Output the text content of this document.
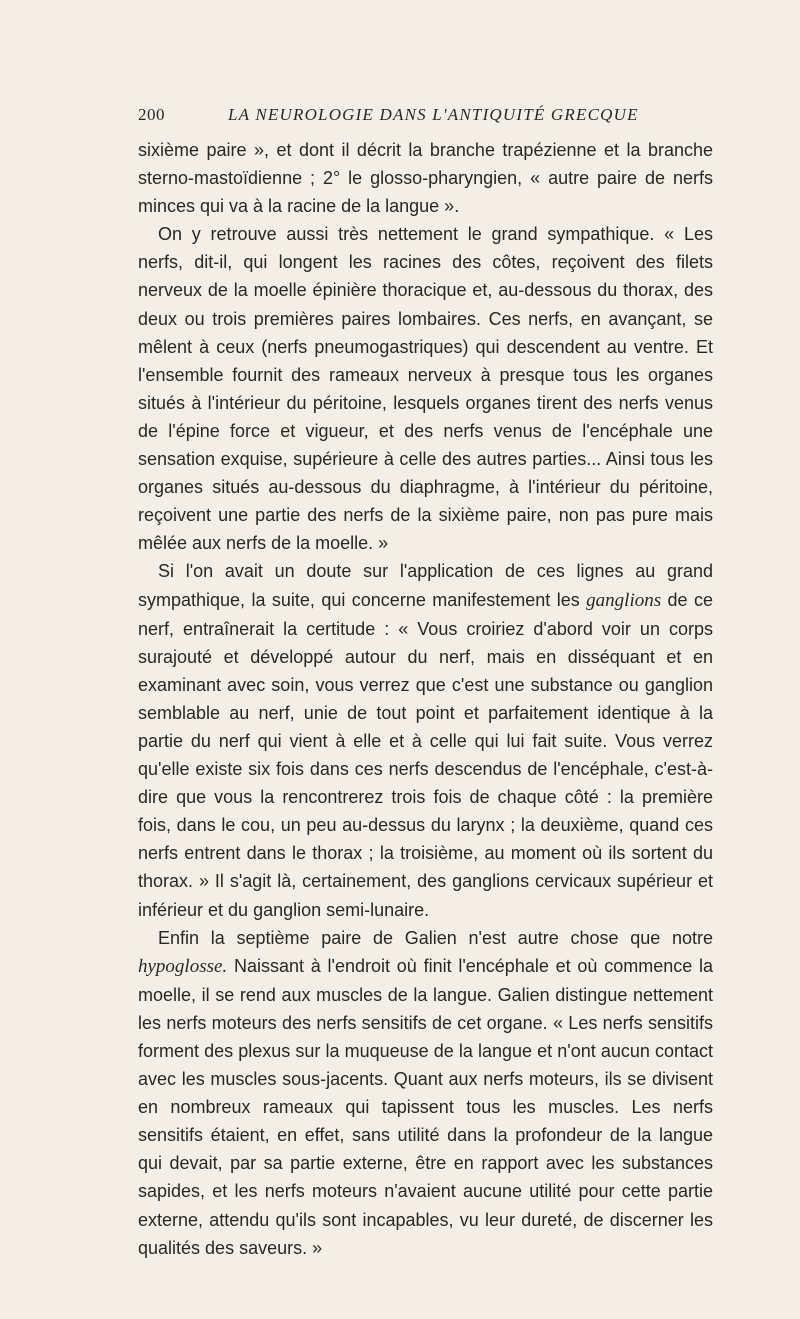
200	LA NEUROLOGIE DANS L'ANTIQUITÉ GRECQUE

sixième paire », et dont il décrit la branche trapézienne et la branche sterno-mastoïdienne ; 2° le glosso-pharyngien, « autre paire de nerfs minces qui va à la racine de la langue ».

On y retrouve aussi très nettement le grand sympathique. « Les nerfs, dit-il, qui longent les racines des côtes, reçoivent des filets nerveux de la moelle épinière thoracique et, au-dessous du thorax, des deux ou trois premières paires lombaires. Ces nerfs, en avançant, se mêlent à ceux (nerfs pneumogastriques) qui descendent au ventre. Et l'ensemble fournit des rameaux nerveux à presque tous les organes situés à l'intérieur du péritoine, lesquels organes tirent des nerfs venus de l'épine force et vigueur, et des nerfs venus de l'encéphale une sensation exquise, supérieure à celle des autres parties... Ainsi tous les organes situés au-dessous du diaphragme, à l'intérieur du péritoine, reçoivent une partie des nerfs de la sixième paire, non pas pure mais mêlée aux nerfs de la moelle. »

Si l'on avait un doute sur l'application de ces lignes au grand sympathique, la suite, qui concerne manifestement les ganglions de ce nerf, entraînerait la certitude : « Vous croiriez d'abord voir un corps surajouté et développé autour du nerf, mais en disséquant et en examinant avec soin, vous verrez que c'est une substance ou ganglion semblable au nerf, unie de tout point et parfaitement identique à la partie du nerf qui vient à elle et à celle qui lui fait suite. Vous verrez qu'elle existe six fois dans ces nerfs descendus de l'encéphale, c'est-à-dire que vous la rencontrerez trois fois de chaque côté : la première fois, dans le cou, un peu au-dessus du larynx ; la deuxième, quand ces nerfs entrent dans le thorax ; la troisième, au moment où ils sortent du thorax. » Il s'agit là, certainement, des ganglions cervicaux supérieur et inférieur et du ganglion semi-lunaire.

Enfin la septième paire de Galien n'est autre chose que notre hypoglosse. Naissant à l'endroit où finit l'encéphale et où commence la moelle, il se rend aux muscles de la langue. Galien distingue nettement les nerfs moteurs des nerfs sensitifs de cet organe. « Les nerfs sensitifs forment des plexus sur la muqueuse de la langue et n'ont aucun contact avec les muscles sous-jacents. Quant aux nerfs moteurs, ils se divisent en nombreux rameaux qui tapissent tous les muscles. Les nerfs sensitifs étaient, en effet, sans utilité dans la profondeur de la langue qui devait, par sa partie externe, être en rapport avec les substances sapides, et les nerfs moteurs n'avaient aucune utilité pour cette partie externe, attendu qu'ils sont incapables, vu leur dureté, de discerner les qualités des saveurs. »
